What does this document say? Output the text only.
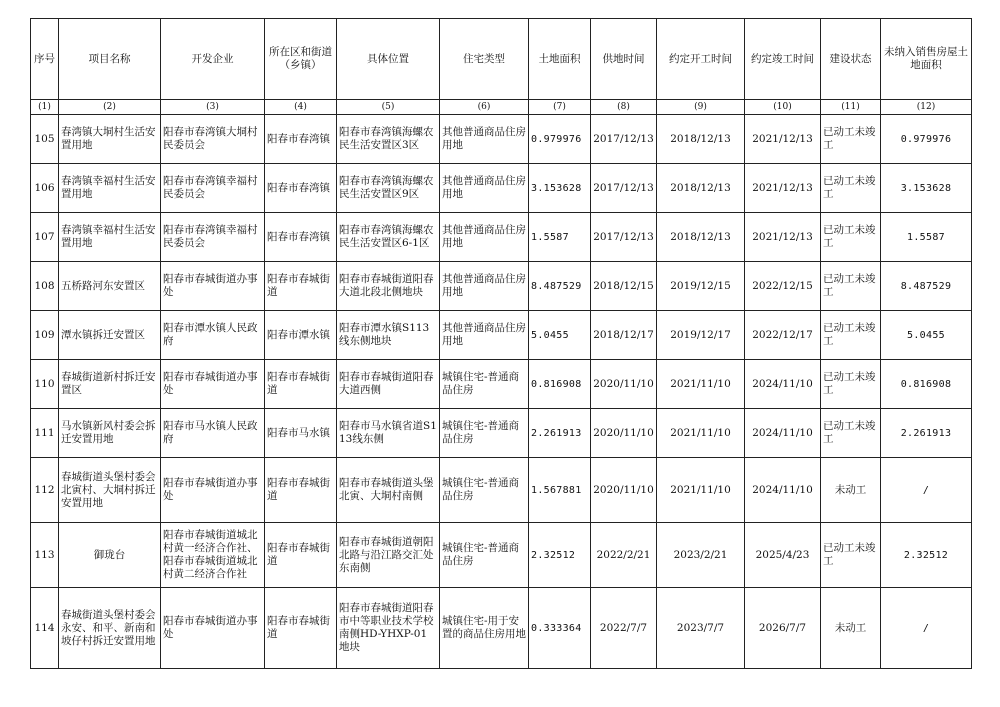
序号	项目名称	开发企业	所在区和街道（乡镇）	具体位置	住宅类型	土地面积	供地时间	约定开工时间	约定竣工时间	建设状态	未纳入销售房屋土地面积
(1)	(2)	(3)	(4)	(5)	(6)	(7)	(8)	(9)	(10)	(11)	(12)
105	春湾镇大垌村生活安置用地	阳春市春湾镇大垌村民委员会	阳春市春湾镇	阳春市春湾镇海螺农民生活安置区3区	其他普通商品住房用地	0.979976	2017/12/13	2018/12/13	2021/12/13	已动工未竣工	0.979976
106	春湾镇幸福村生活安置用地	阳春市春湾镇幸福村民委员会	阳春市春湾镇	阳春市春湾镇海螺农民生活安置区9区	其他普通商品住房用地	3.153628	2017/12/13	2018/12/13	2021/12/13	已动工未竣工	3.153628
107	春湾镇幸福村生活安置用地	阳春市春湾镇幸福村民委员会	阳春市春湾镇	阳春市春湾镇海螺农民生活安置区6-1区	其他普通商品住房用地	1.5587	2017/12/13	2018/12/13	2021/12/13	已动工未竣工	1.5587
108	五桥路河东安置区	阳春市春城街道办事处	阳春市春城街道	阳春市春城街道阳春大道北段北侧地块	其他普通商品住房用地	8.487529	2018/12/15	2019/12/15	2022/12/15	已动工未竣工	8.487529
109	潭水镇拆迁安置区	阳春市潭水镇人民政府	阳春市潭水镇	阳春市潭水镇S113线东侧地块	其他普通商品住房用地	5.0455	2018/12/17	2019/12/17	2022/12/17	已动工未竣工	5.0455
110	春城街道新村拆迁安置区	阳春市春城街道办事处	阳春市春城街道	阳春市春城街道阳春大道西侧	城镇住宅-普通商品住房	0.816908	2020/11/10	2021/11/10	2024/11/10	已动工未竣工	0.816908
111	马水镇新风村委会拆迁安置用地	阳春市马水镇人民政府	阳春市马水镇	阳春市马水镇省道S113线东侧	城镇住宅-普通商品住房	2.261913	2020/11/10	2021/11/10	2024/11/10	已动工未竣工	2.261913
112	春城街道头堡村委会北寅村、大垌村拆迁安置用地	阳春市春城街道办事处	阳春市春城街道	阳春市春城街道头堡北寅、大垌村南侧	城镇住宅-普通商品住房	1.567881	2020/11/10	2021/11/10	2024/11/10	未动工	/
113	御珑台	阳春市春城街道城北村黄一经济合作社、阳春市春城街道城北村黄二经济合作社	阳春市春城街道	阳春市春城街道朝阳北路与沿江路交汇处东南侧	城镇住宅-普通商品住房	2.32512	2022/2/21	2023/2/21	2025/4/23	已动工未竣工	2.32512
114	春城街道头堡村委会永安、和平、新南和坡仔村拆迁安置用地	阳春市春城街道办事处	阳春市春城街道	阳春市春城街道阳春市中等职业技术学校南侧HD-YHXP-01地块	城镇住宅-用于安置的商品住房用地	0.333364	2022/7/7	2023/7/7	2026/7/7	未动工	/
